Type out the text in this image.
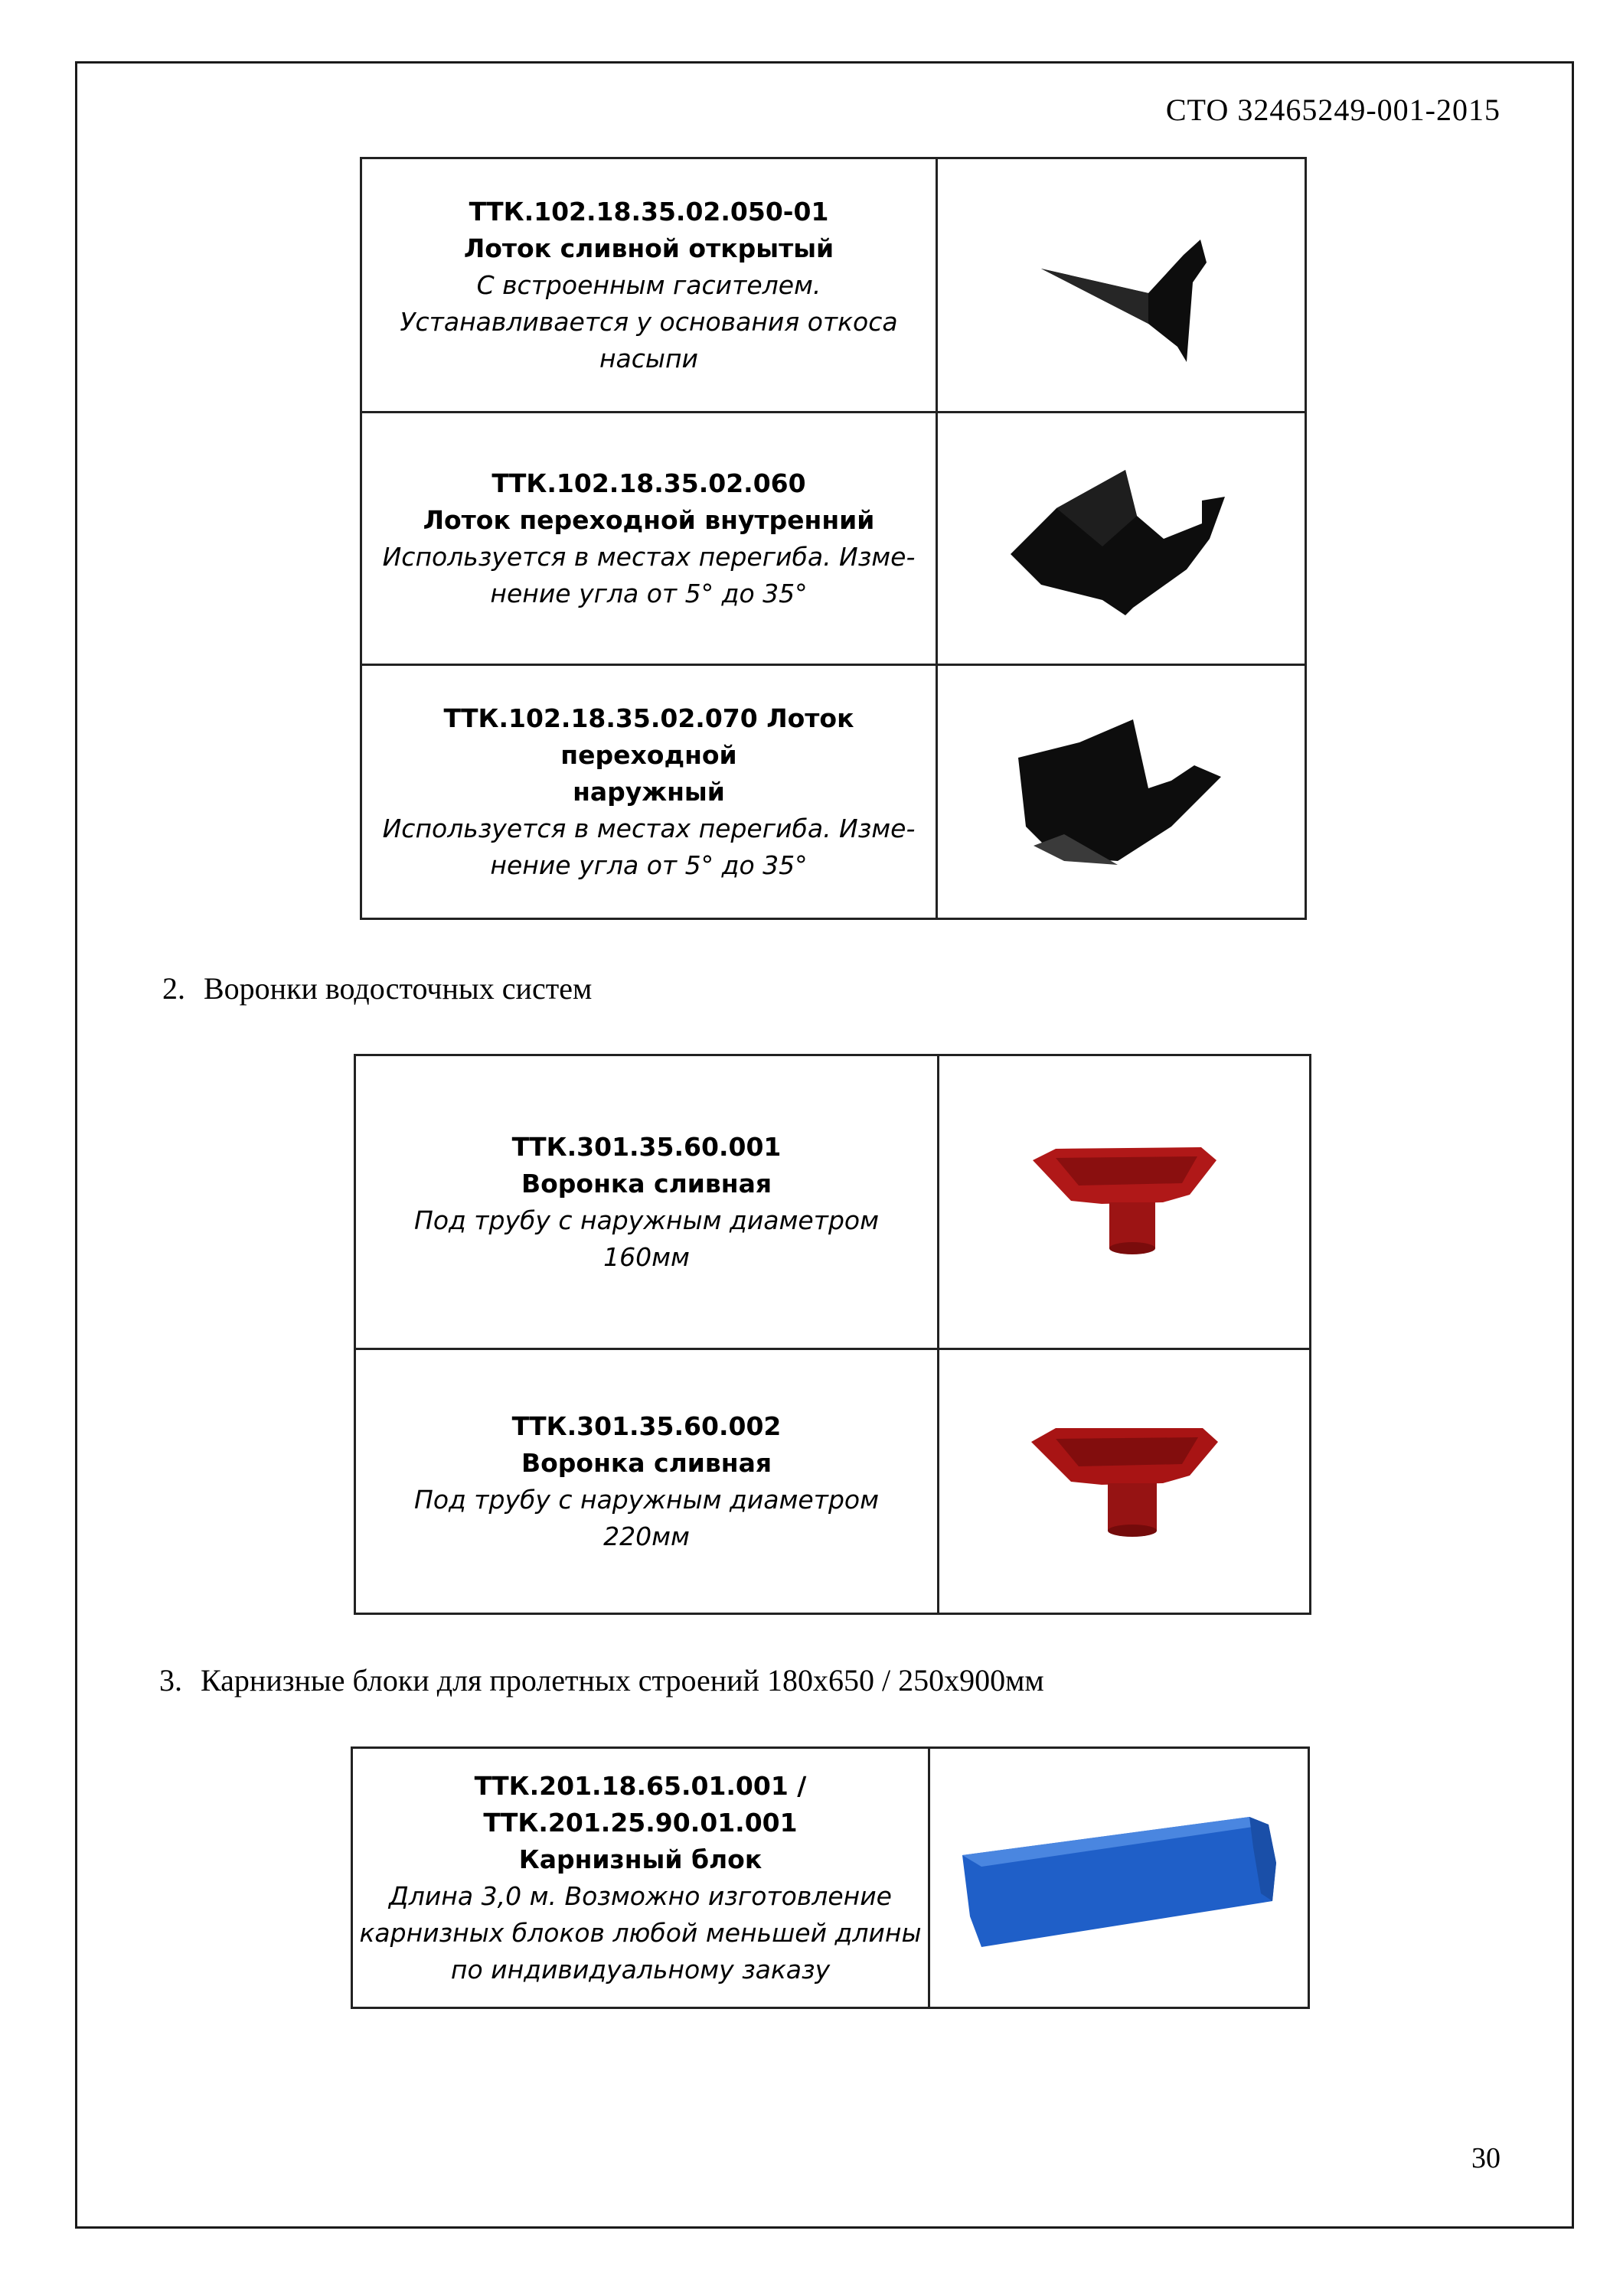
СТО 32465249-001-2015
ТТК.102.18.35.02.050-01
Лоток сливной открытый
С встроенным гасителем.
Устанавливается у основания откоса
насыпи

ТТК.102.18.35.02.060
Лоток переходной внутренний
Используется в местах перегиба. Изме-
нение угла от 5° до 35°

ТТК.102.18.35.02.070 Лоток переходной
наружный
Используется в местах перегиба. Изме-
нение угла от 5° до 35°

2. Воронки водосточных систем
ТТК.301.35.60.001
Воронка сливная
Под трубу с наружным диаметром
160мм

ТТК.301.35.60.002
Воронка сливная
Под трубу с наружным диаметром
220мм

3. Карнизные блоки для пролетных строений 180х650 / 250х900мм
ТТК.201.18.65.01.001 /
ТТК.201.25.90.01.001
Карнизный блок
Длина 3,0 м. Возможно изготовление
карнизных блоков любой меньшей длины
по индивидуальному заказу

30
